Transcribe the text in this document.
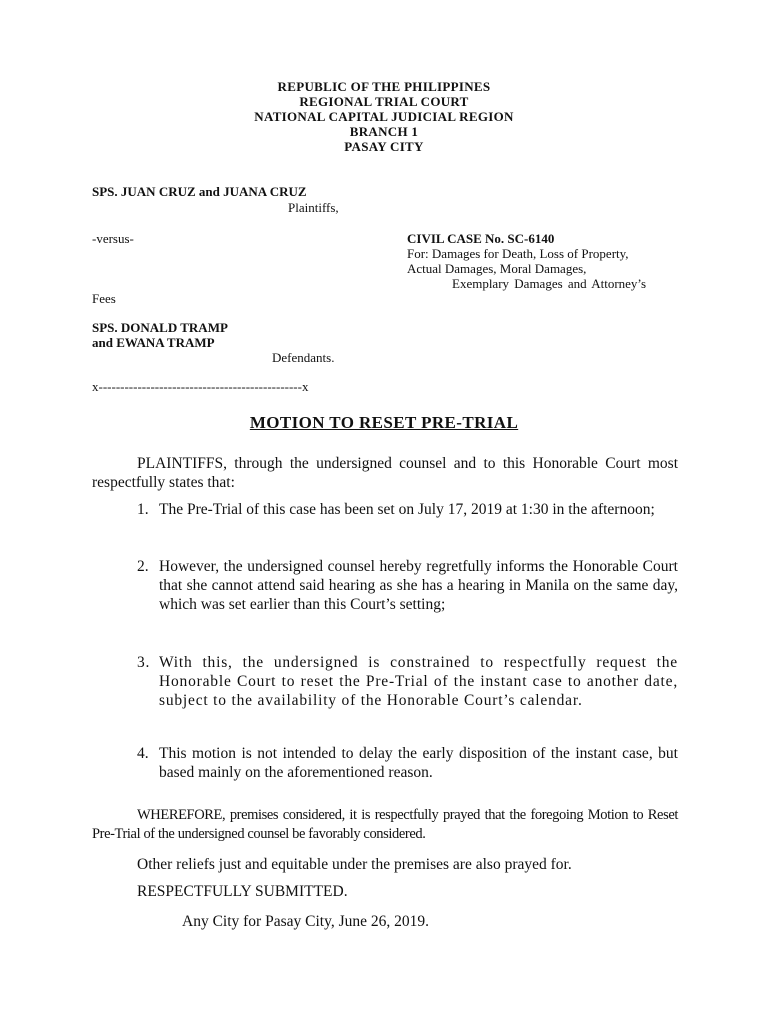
REPUBLIC OF THE PHILIPPINES
REGIONAL TRIAL COURT
NATIONAL CAPITAL JUDICIAL REGION
BRANCH 1
PASAY CITY
SPS. JUAN CRUZ and JUANA CRUZ
Plaintiffs,
-versus-	CIVIL CASE No. SC-6140
For: Damages for Death, Loss of Property,
Actual Damages, Moral Damages,
Exemplary Damages and Attorney’s
Fees
SPS. DONALD TRAMP
and EWANA TRAMP
Defendants.
x-----------------------------------------------x
MOTION TO RESET PRE-TRIAL
PLAINTIFFS, through the undersigned counsel and to this Honorable Court most respectfully states that:
1. The Pre-Trial of this case has been set on July 17, 2019 at 1:30 in the afternoon;
2. However, the undersigned counsel hereby regretfully informs the Honorable Court that she cannot attend said hearing as she has a hearing in Manila on the same day, which was set earlier than this Court’s setting;
3. With this, the undersigned is constrained to respectfully request the Honorable Court to reset the Pre-Trial of the instant case to another date, subject to the availability of the Honorable Court’s calendar.
4. This motion is not intended to delay the early disposition of the instant case, but based mainly on the aforementioned reason.
WHEREFORE, premises considered, it is respectfully prayed that the foregoing Motion to Reset Pre-Trial of the undersigned counsel be favorably considered.
Other reliefs just and equitable under the premises are also prayed for.
RESPECTFULLY SUBMITTED.
Any City for Pasay City, June 26, 2019.
